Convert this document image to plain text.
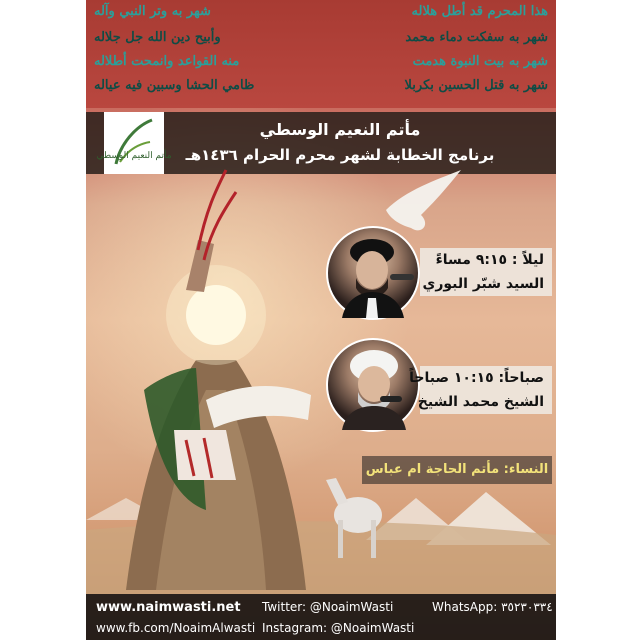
هذا المحرم قد أطل هلاله
شهر به وتر النبي وآله
شهر به سفكت دماء محمد
وأبيح دين الله جل جلاله
شهر به بيت النبوة هدمت
منه القواعد وانمحت أطلاله
شهر به قتل الحسين بكربلا
ظامي الحشا وسبين فيه عياله
مأتم النعيم الوسطي
مأتم النعيم الوسطي
برنامج الخطابة لشهر محرم الحرام ١٤٣٦هـ
ليلاً : ٩:١٥ مساءً
السيد شبّر البوري
صباحاً: ١٠:١٥ صباحاً
الشيخ محمد الشيخ
النساء: مأتم الحاجة ام عباس
www.naimwasti.net
www.fb.com/NoaimAlwasti
Twitter: @NoaimWasti
Instagram: @NoaimWasti
WhatsApp: ٣٥٢٣٠٣٣٤
